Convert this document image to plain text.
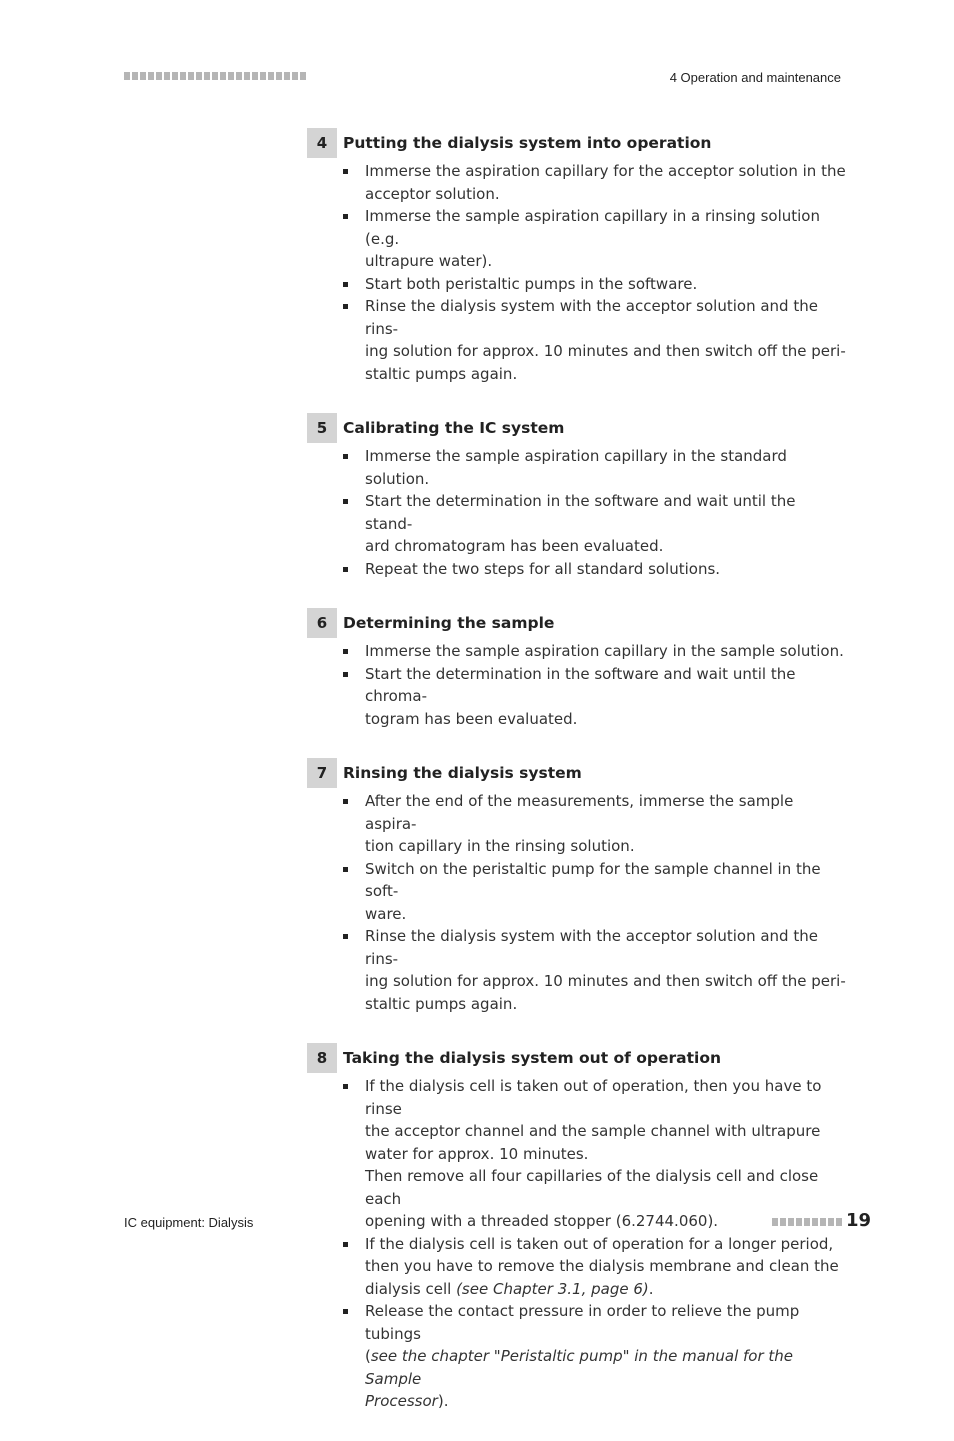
4 Operation and maintenance
4	Putting the dialysis system into operation
Immerse the aspiration capillary for the acceptor solution in the
acceptor solution.
Immerse the sample aspiration capillary in a rinsing solution (e.g.
ultrapure water).
Start both peristaltic pumps in the software.
Rinse the dialysis system with the acceptor solution and the rins-
ing solution for approx. 10 minutes and then switch off the peri-
staltic pumps again.
5	Calibrating the IC system
Immerse the sample aspiration capillary in the standard solution.
Start the determination in the software and wait until the stand-
ard chromatogram has been evaluated.
Repeat the two steps for all standard solutions.
6	Determining the sample
Immerse the sample aspiration capillary in the sample solution.
Start the determination in the software and wait until the chroma-
togram has been evaluated.
7	Rinsing the dialysis system
After the end of the measurements, immerse the sample aspira-
tion capillary in the rinsing solution.
Switch on the peristaltic pump for the sample channel in the soft-
ware.
Rinse the dialysis system with the acceptor solution and the rins-
ing solution for approx. 10 minutes and then switch off the peri-
staltic pumps again.
8	Taking the dialysis system out of operation
If the dialysis cell is taken out of operation, then you have to rinse
the acceptor channel and the sample channel with ultrapure
water for approx. 10 minutes.
Then remove all four capillaries of the dialysis cell and close each
opening with a threaded stopper (6.2744.060).
If the dialysis cell is taken out of operation for a longer period,
then you have to remove the dialysis membrane and clean the
dialysis cell (see Chapter 3.1, page 6).
Release the contact pressure in order to relieve the pump tubings
(see the chapter "Peristaltic pump" in the manual for the Sample
Processor).
IC equipment: Dialysis	19
